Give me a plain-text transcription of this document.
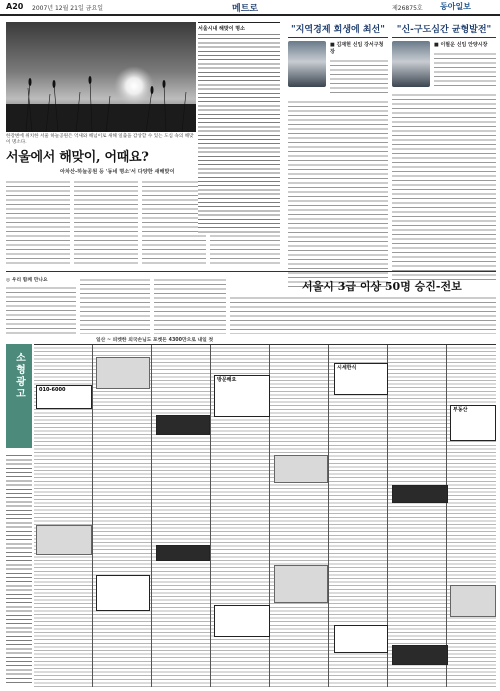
A20 2007년 12월 21일 금요일	메트로	제26875호 동아일보
한강변에 위치한 서울 하늘공원은 억새와 해넘이로 새해 일출을 감상할 수 있는 도심 속의 해맞이 명소다.
서울에서 해맞이, 어때요?
아차산-하늘공원 등 '동네 명소'서 다양한 새해맞이
서울시내 해맞이 명소	"지역경제 회생에 최선"
■ 김재현 신임 강서구청장
"신-구도심간 균형발전"
■ 이필운 신임 안양시장
서울시 3급 이상 50명 승진-전보
◎ 우리 함께 만나요
일산 ~ 피켓한 외국손님도 포켓돈 4300만으로 내일 첫
소형광고	010-6000
방문해요
시세한식
부동산
